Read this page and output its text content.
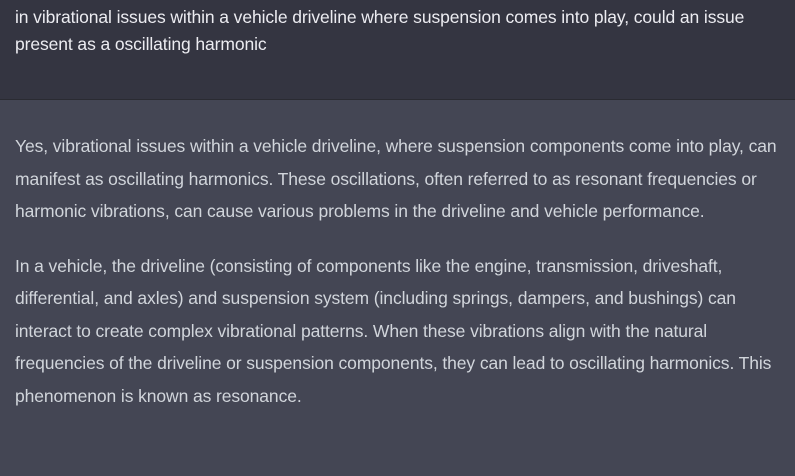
in vibrational issues within a vehicle driveline where suspension comes into play, could an issue present as a oscillating harmonic

Yes, vibrational issues within a vehicle driveline, where suspension components come into play, can manifest as oscillating harmonics. These oscillations, often referred to as resonant frequencies or harmonic vibrations, can cause various problems in the driveline and vehicle performance.

In a vehicle, the driveline (consisting of components like the engine, transmission, driveshaft, differential, and axles) and suspension system (including springs, dampers, and bushings) can interact to create complex vibrational patterns. When these vibrations align with the natural frequencies of the driveline or suspension components, they can lead to oscillating harmonics. This phenomenon is known as resonance.
